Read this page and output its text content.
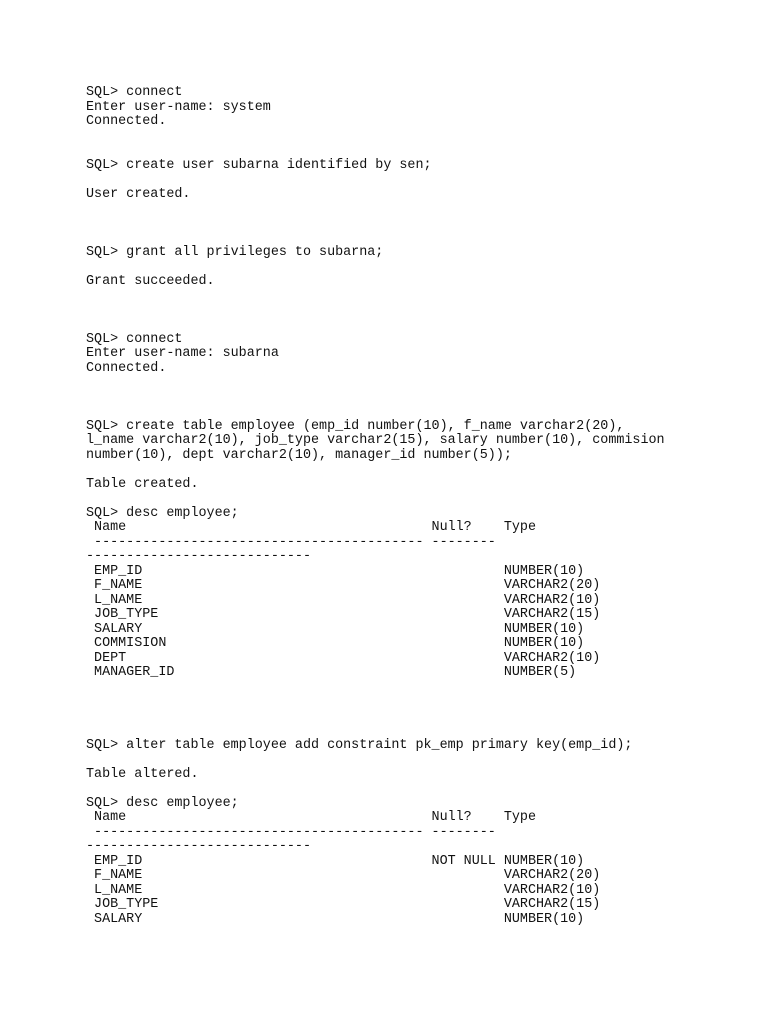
SQL> connect
Enter user-name: system
Connected.
SQL> create user subarna identified by sen;
User created.
SQL> grant all privileges to subarna;
Grant succeeded.
SQL> connect
Enter user-name: subarna
Connected.
SQL> create table employee (emp_id number(10), f_name varchar2(20),
l_name varchar2(10), job_type varchar2(15), salary number(10), commision
number(10), dept varchar2(10), manager_id number(5));
Table created.
SQL> desc employee;
Name                                      Null?    Type
----------------------------------------- --------
----------------------------
EMP_ID                                             NUMBER(10)
F_NAME                                             VARCHAR2(20)
L_NAME                                             VARCHAR2(10)
JOB_TYPE                                           VARCHAR2(15)
SALARY                                             NUMBER(10)
COMMISION                                          NUMBER(10)
DEPT                                               VARCHAR2(10)
MANAGER_ID                                         NUMBER(5)
SQL> alter table employee add constraint pk_emp primary key(emp_id);
Table altered.
SQL> desc employee;
Name                                      Null?    Type
----------------------------------------- --------
----------------------------
EMP_ID                                    NOT NULL NUMBER(10)
F_NAME                                             VARCHAR2(20)
L_NAME                                             VARCHAR2(10)
JOB_TYPE                                           VARCHAR2(15)
SALARY                                             NUMBER(10)
